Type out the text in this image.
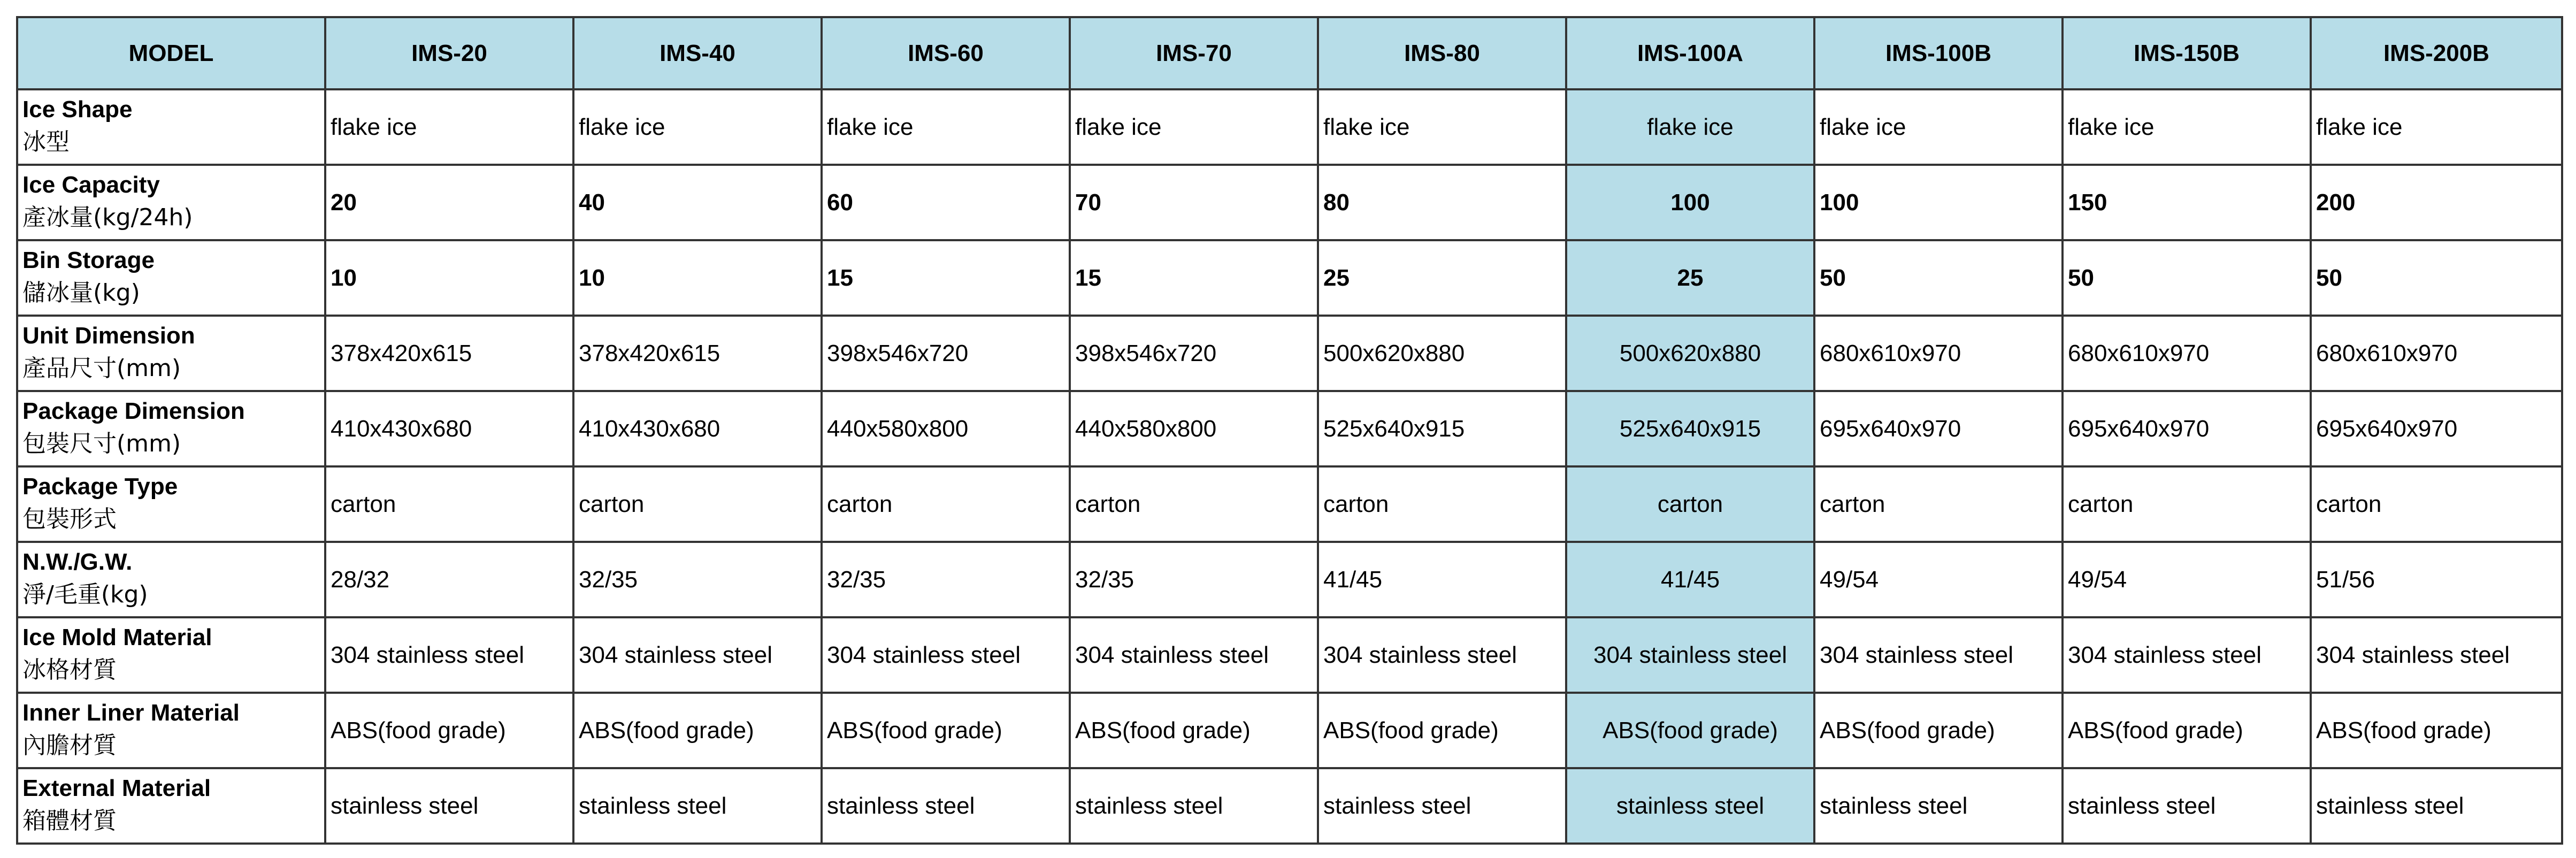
MODEL	IMS-20	IMS-40	IMS-60	IMS-70	IMS-80	IMS-100A	IMS-100B	IMS-150B	IMS-200B

Ice Shape
冰型	flake ice	flake ice	flake ice	flake ice	flake ice	flake ice	flake ice	flake ice	flake ice

Ice Capacity
產冰量(kg/24h)	20	40	60	70	80	100	100	150	200

Bin Storage
儲冰量(kg)	10	10	15	15	25	25	50	50	50

Unit Dimension
產品尺寸(mm)	378x420x615	378x420x615	398x546x720	398x546x720	500x620x880	500x620x880	680x610x970	680x610x970	680x610x970

Package Dimension
包裝尺寸(mm)	410x430x680	410x430x680	440x580x800	440x580x800	525x640x915	525x640x915	695x640x970	695x640x970	695x640x970

Package Type
包裝形式	carton	carton	carton	carton	carton	carton	carton	carton	carton

N.W./G.W.
淨/毛重(kg)	28/32	32/35	32/35	32/35	41/45	41/45	49/54	49/54	51/56

Ice Mold Material
冰格材質	304 stainless steel	304 stainless steel	304 stainless steel	304 stainless steel	304 stainless steel	304 stainless steel	304 stainless steel	304 stainless steel	304 stainless steel

Inner Liner Material
內膽材質	ABS(food grade)	ABS(food grade)	ABS(food grade)	ABS(food grade)	ABS(food grade)	ABS(food grade)	ABS(food grade)	ABS(food grade)	ABS(food grade)

External Material
箱體材質	stainless steel	stainless steel	stainless steel	stainless steel	stainless steel	stainless steel	stainless steel	stainless steel	stainless steel
